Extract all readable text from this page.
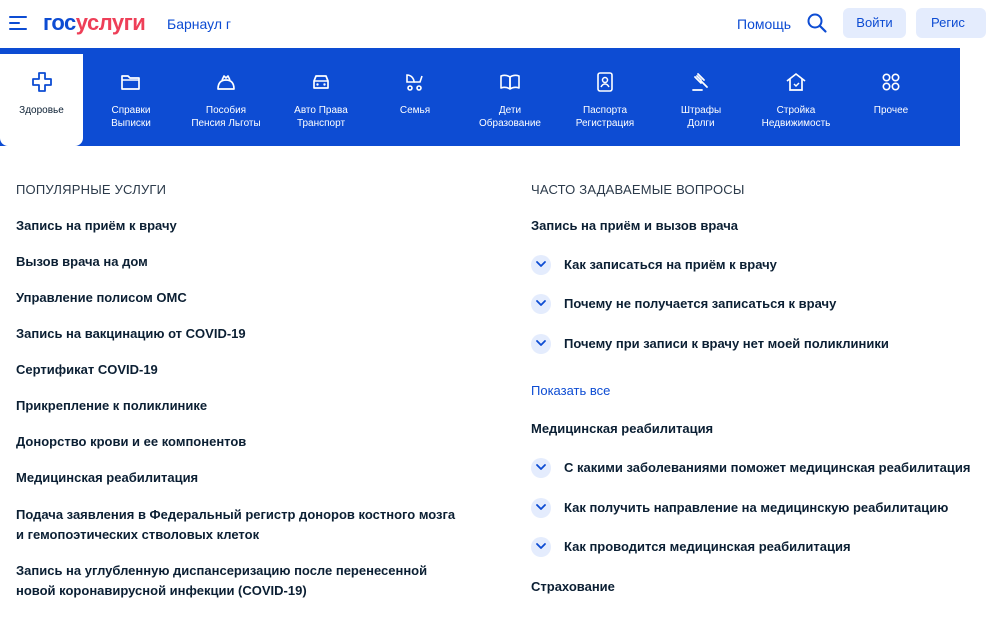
госуслуги Барнаул г	Помощь	Войти	Регис
Здоровье	Справки Выписки
Пособия Пенсия Льготы
Авто Права Транспорт
Семья	Дети Образование
Паспорта Регистрация
Штрафы Долги
Стройка Недвижимость
Прочее
ПОПУЛЯРНЫЕ УСЛУГИ
Запись на приём к врачу
Вызов врача на дом
Управление полисом ОМС
Запись на вакцинацию от COVID-19
Сертификат COVID-19
Прикрепление к поликлинике
Донорство крови и ее компонентов
Медицинская реабилитация
Подача заявления в Федеральный регистр доноров костного мозга и гемопоэтических стволовых клеток
Запись на углубленную диспансеризацию после перенесенной новой коронавирусной инфекции (COVID-19)
ЧАСТО ЗАДАВАЕМЫЕ ВОПРОСЫ
Запись на приём и вызов врача
Как записаться на приём к врачу
Почему не получается записаться к врачу
Почему при записи к врачу нет моей поликлиники
Показать все
Медицинская реабилитация
С какими заболеваниями поможет медицинская реабилитация
Как получить направление на медицинскую реабилитацию
Как проводится медицинская реабилитация
Страхование
